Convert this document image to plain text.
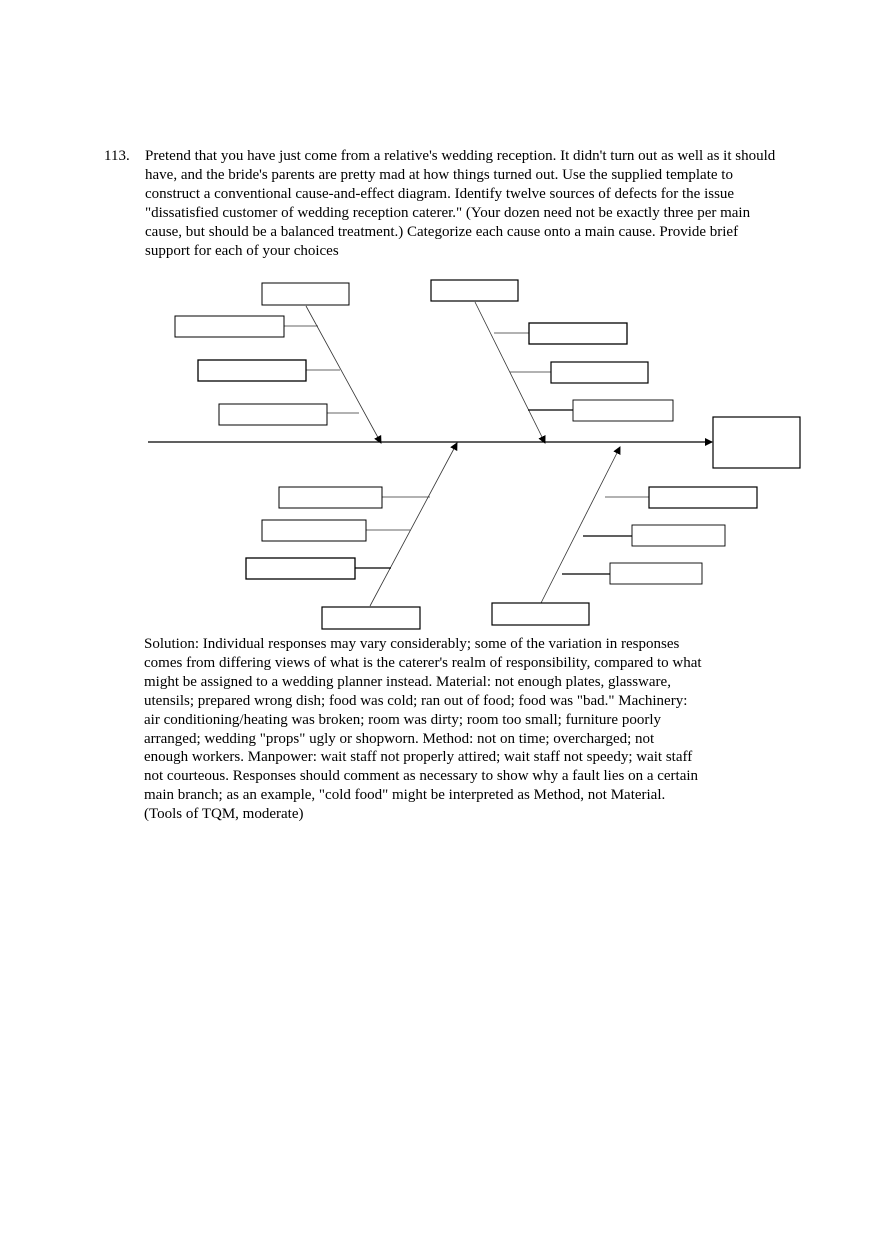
113. Pretend that you have just come from a relative's wedding reception. It didn't turn out as well as it should have, and the bride's parents are pretty mad at how things turned out. Use the supplied template to construct a conventional cause-and-effect diagram. Identify twelve sources of defects for the issue "dissatisfied customer of wedding reception caterer." (Your dozen need not be exactly three per main cause, but should be a balanced treatment.) Categorize each cause onto a main cause. Provide brief support for each of your choices
Solution: Individual responses may vary considerably; some of the variation in responses
comes from differing views of what is the caterer's realm of responsibility, compared to what
might be assigned to a wedding planner instead. Material: not enough plates, glassware,
utensils; prepared wrong dish; food was cold; ran out of food; food was "bad." Machinery:
air conditioning/heating was broken; room was dirty; room too small; furniture poorly
arranged; wedding "props" ugly or shopworn. Method: not on time; overcharged; not
enough workers. Manpower: wait staff not properly attired; wait staff not speedy; wait staff
not courteous. Responses should comment as necessary to show why a fault lies on a certain
main branch; as an example, "cold food" might be interpreted as Method, not Material.
(Tools of TQM, moderate)
